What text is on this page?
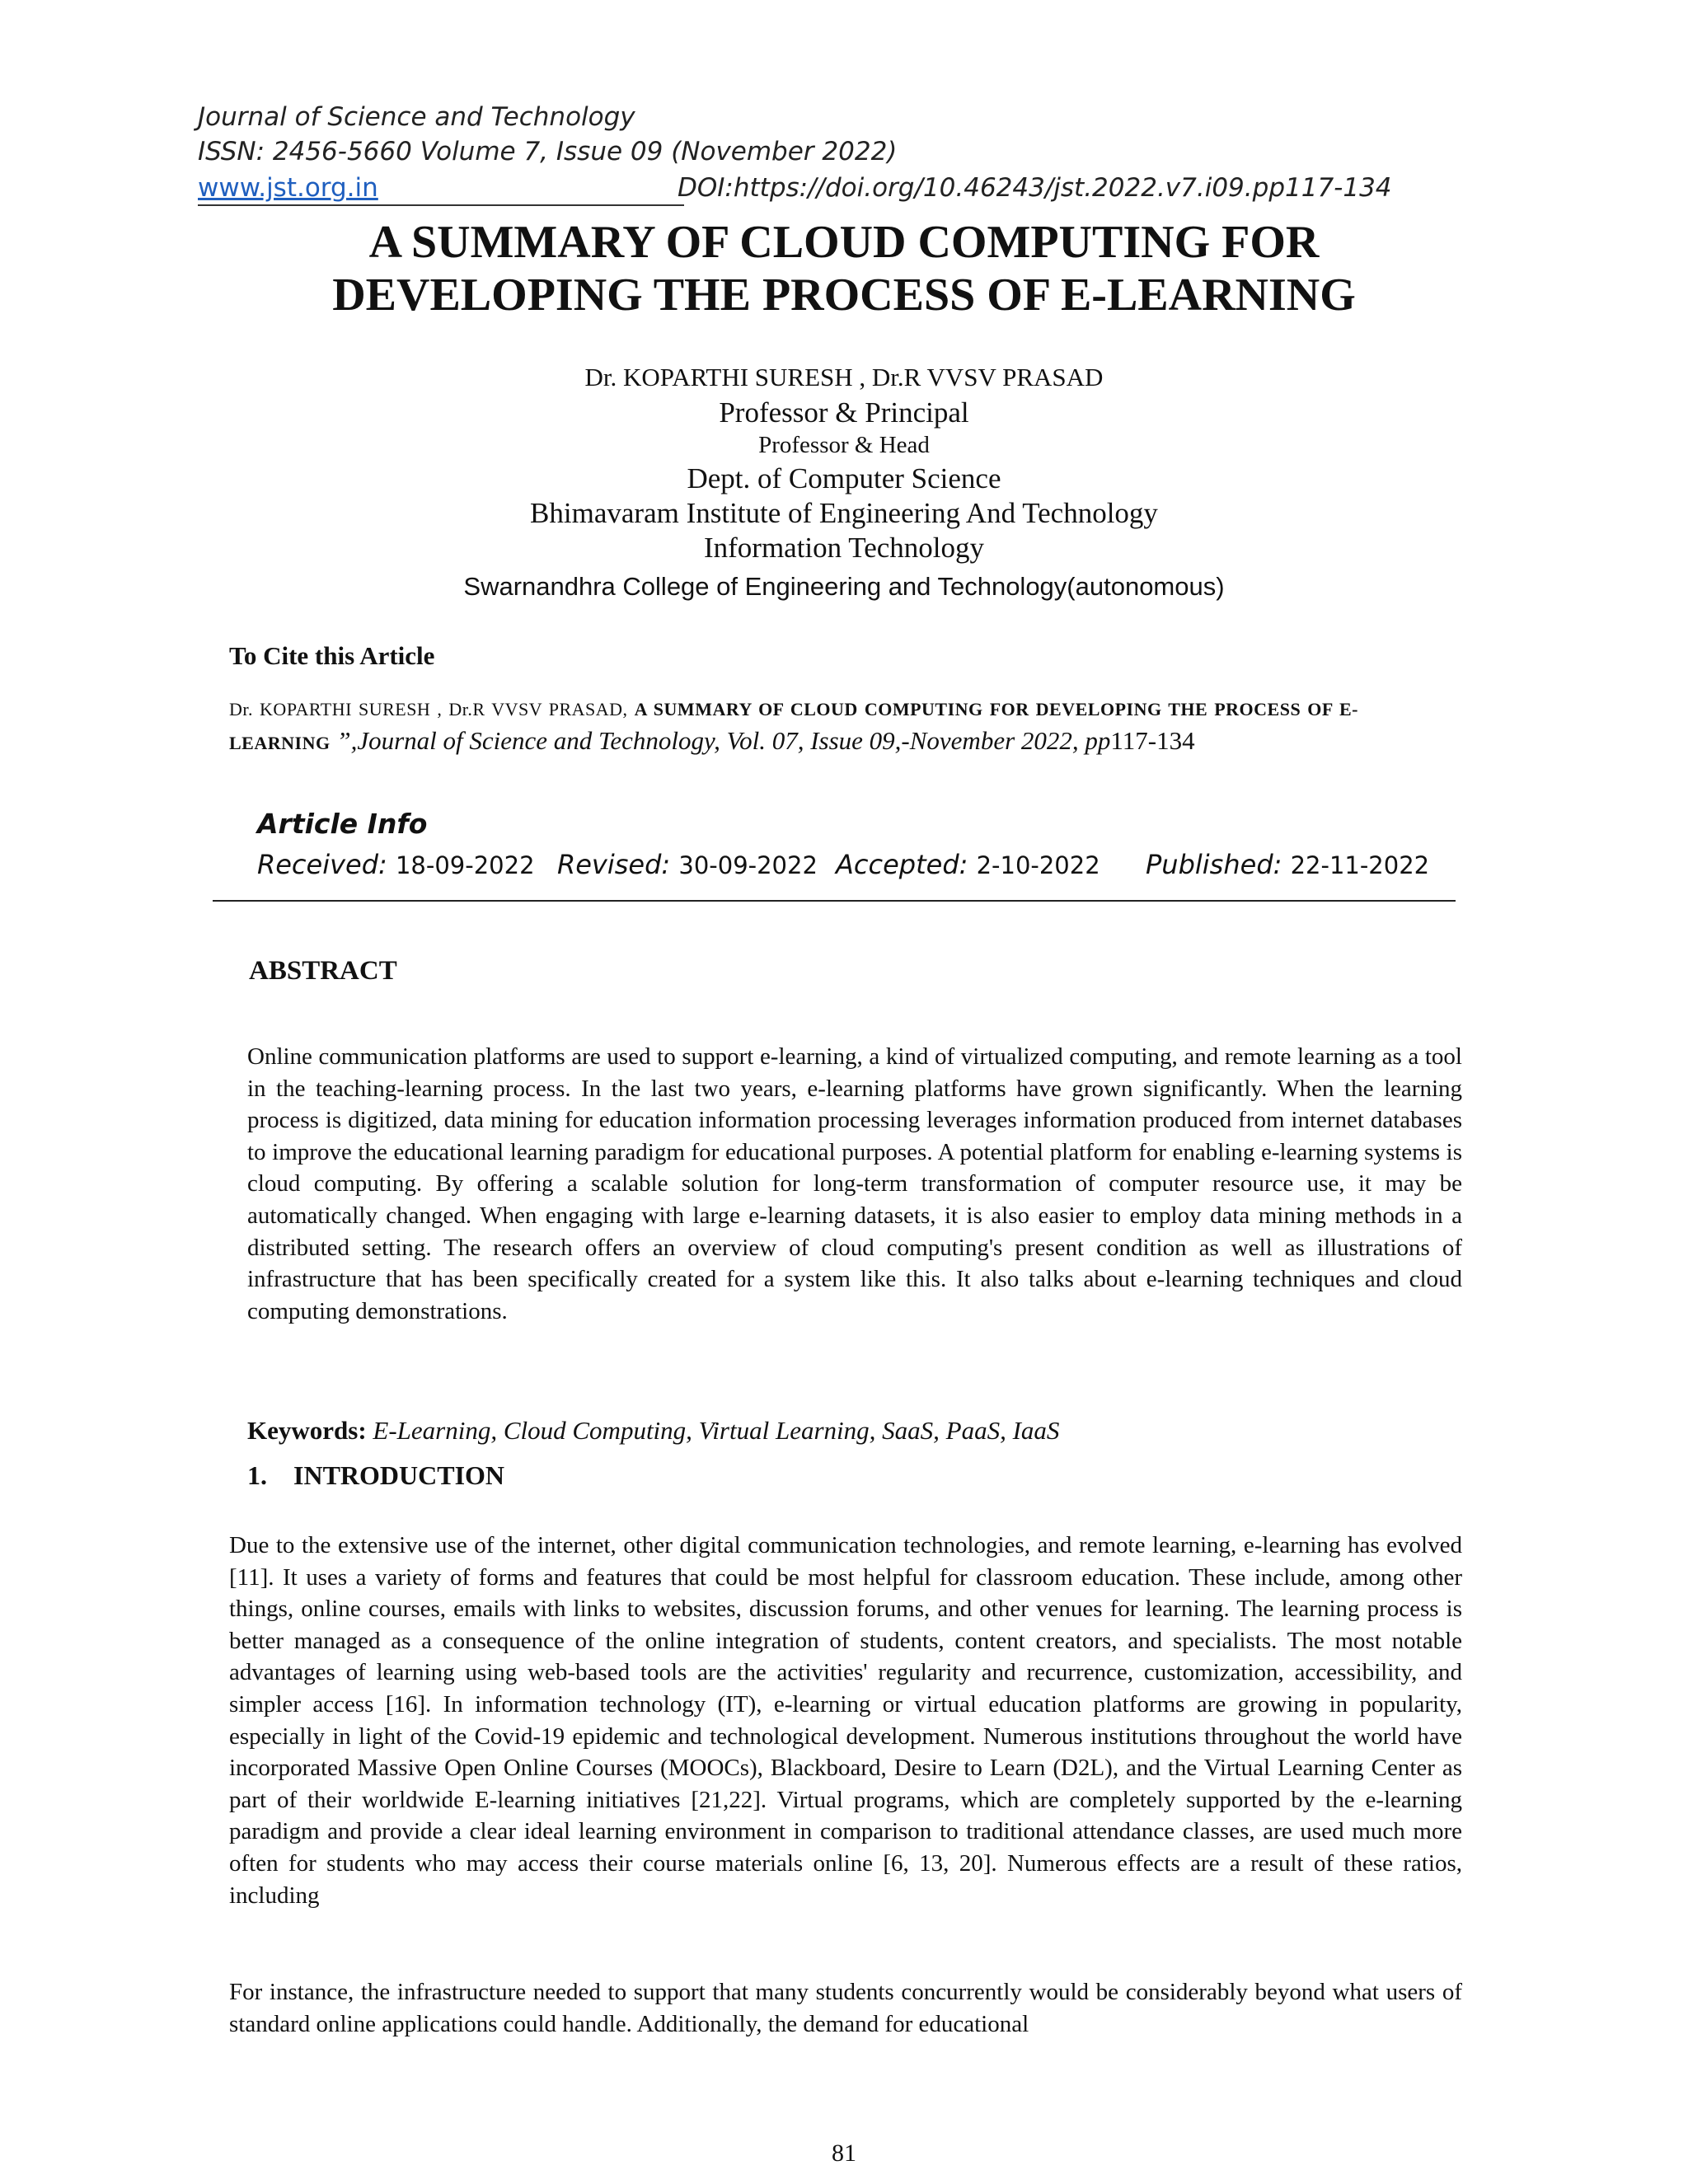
Journal of Science and Technology
ISSN: 2456-5660 Volume 7, Issue 09 (November 2022)
www.jst.org.in	DOI:https://doi.org/10.46243/jst.2022.v7.i09.pp117-134
A SUMMARY OF CLOUD COMPUTING FOR
DEVELOPING THE PROCESS OF E-LEARNING
Dr. KOPARTHI SURESH , Dr.R VVSV PRASAD
Professor & Principal
Professor & Head
Dept. of Computer Science
Bhimavaram Institute of Engineering And Technology
Information Technology
Swarnandhra College of Engineering and Technology(autonomous)
To Cite this Article
Dr. KOPARTHI SURESH , Dr.R VVSV PRASAD, A SUMMARY OF CLOUD COMPUTING FOR DEVELOPING THE PROCESS OF E-LEARNING ”,Journal of Science and Technology, Vol. 07, Issue 09,-November 2022, pp117-134
Article Info
Received: 18-09-2022 Revised: 30-09-2022 Accepted: 2-10-2022 Published: 22-11-2022
ABSTRACT
Online communication platforms are used to support e-learning, a kind of virtualized computing, and remote learning as a tool in the teaching-learning process. In the last two years, e-learning platforms have grown significantly. When the learning process is digitized, data mining for education information processing leverages information produced from internet databases to improve the educational learning paradigm for educational purposes. A potential platform for enabling e-learning systems is cloud computing. By offering a scalable solution for long-term transformation of computer resource use, it may be automatically changed. When engaging with large e-learning datasets, it is also easier to employ data mining methods in a distributed setting. The research offers an overview of cloud computing's present condition as well as illustrations of infrastructure that has been specifically created for a system like this. It also talks about e-learning techniques and cloud computing demonstrations.
Keywords: E-Learning, Cloud Computing, Virtual Learning, SaaS, PaaS, IaaS
1.    INTRODUCTION
Due to the extensive use of the internet, other digital communication technologies, and remote learning, e-learning has evolved [11]. It uses a variety of forms and features that could be most helpful for classroom education. These include, among other things, online courses, emails with links to websites, discussion forums, and other venues for learning. The learning process is better managed as a consequence of the online integration of students, content creators, and specialists. The most notable advantages of learning using web-based tools are the activities' regularity and recurrence, customization, accessibility, and simpler access [16]. In information technology (IT), e-learning or virtual education platforms are growing in popularity, especially in light of the Covid-19 epidemic and technological development. Numerous institutions throughout the world have incorporated Massive Open Online Courses (MOOCs), Blackboard, Desire to Learn (D2L), and the Virtual Learning Center as part of their worldwide E-learning initiatives [21,22]. Virtual programs, which are completely supported by the e-learning paradigm and provide a clear ideal learning environment in comparison to traditional attendance classes, are used much more often for students who may access their course materials online [6, 13, 20]. Numerous effects are a result of these ratios, including
For instance, the infrastructure needed to support that many students concurrently would be considerably beyond what users of standard online applications could handle. Additionally, the demand for educational
81
